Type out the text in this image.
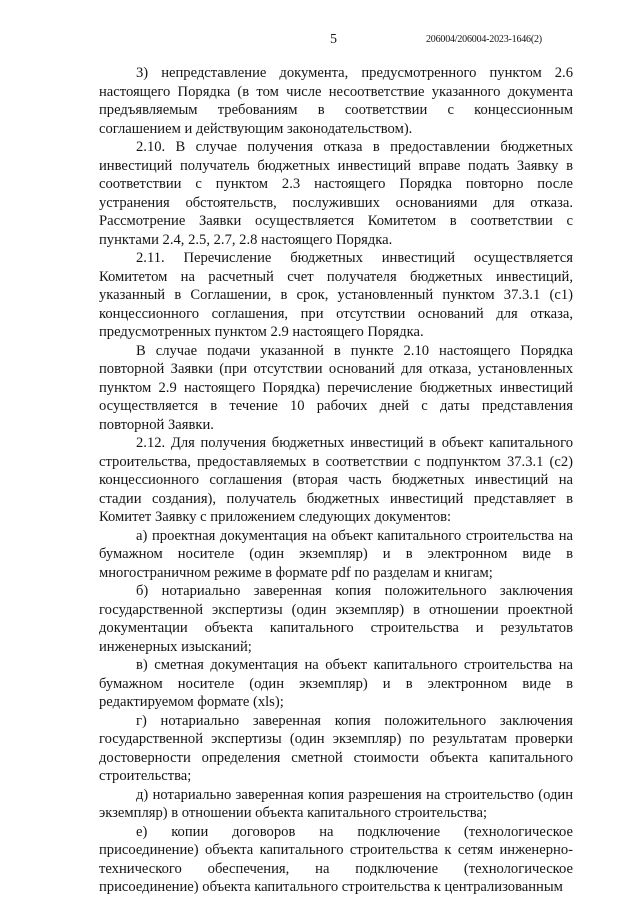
5	206004/206004-2023-1646(2)

3) непредставление документа, предусмотренного пунктом 2.6 настоящего Порядка (в том числе несоответствие указанного документа предъявляемым требованиям в соответствии с концессионным соглашением и действующим законодательством).

2.10. В случае получения отказа в предоставлении бюджетных инвестиций получатель бюджетных инвестиций вправе подать Заявку в соответствии с пунктом 2.3 настоящего Порядка повторно после устранения обстоятельств, послуживших основаниями для отказа. Рассмотрение Заявки осуществляется Комитетом в соответствии с пунктами 2.4, 2.5, 2.7, 2.8 настоящего Порядка.

2.11. Перечисление бюджетных инвестиций осуществляется Комитетом на расчетный счет получателя бюджетных инвестиций, указанный в Соглашении, в срок, установленный пунктом 37.3.1 (с1) концессионного соглашения, при отсутствии оснований для отказа, предусмотренных пунктом 2.9 настоящего Порядка.

В случае подачи указанной в пункте 2.10 настоящего Порядка повторной Заявки (при отсутствии оснований для отказа, установленных пунктом 2.9 настоящего Порядка) перечисление бюджетных инвестиций осуществляется в течение 10 рабочих дней с даты представления повторной Заявки.

2.12. Для получения бюджетных инвестиций в объект капитального строительства, предоставляемых в соответствии с подпунктом 37.3.1 (с2) концессионного соглашения (вторая часть бюджетных инвестиций на стадии создания), получатель бюджетных инвестиций представляет в Комитет Заявку с приложением следующих документов:

а) проектная документация на объект капитального строительства на бумажном носителе (один экземпляр) и в электронном виде в многостраничном режиме в формате pdf по разделам и книгам;

б) нотариально заверенная копия положительного заключения государственной экспертизы (один экземпляр) в отношении проектной документации объекта капитального строительства и результатов инженерных изысканий;

в) сметная документация на объект капитального строительства на бумажном носителе (один экземпляр) и в электронном виде в редактируемом формате (xls);

г) нотариально заверенная копия положительного заключения государственной экспертизы (один экземпляр) по результатам проверки достоверности определения сметной стоимости объекта капитального строительства;

д) нотариально заверенная копия разрешения на строительство (один экземпляр) в отношении объекта капитального строительства;

е) копии договоров на подключение (технологическое присоединение) объекта капитального строительства к сетям инженерно-технического обеспечения, на подключение (технологическое присоединение) объекта капитального строительства к централизованным
